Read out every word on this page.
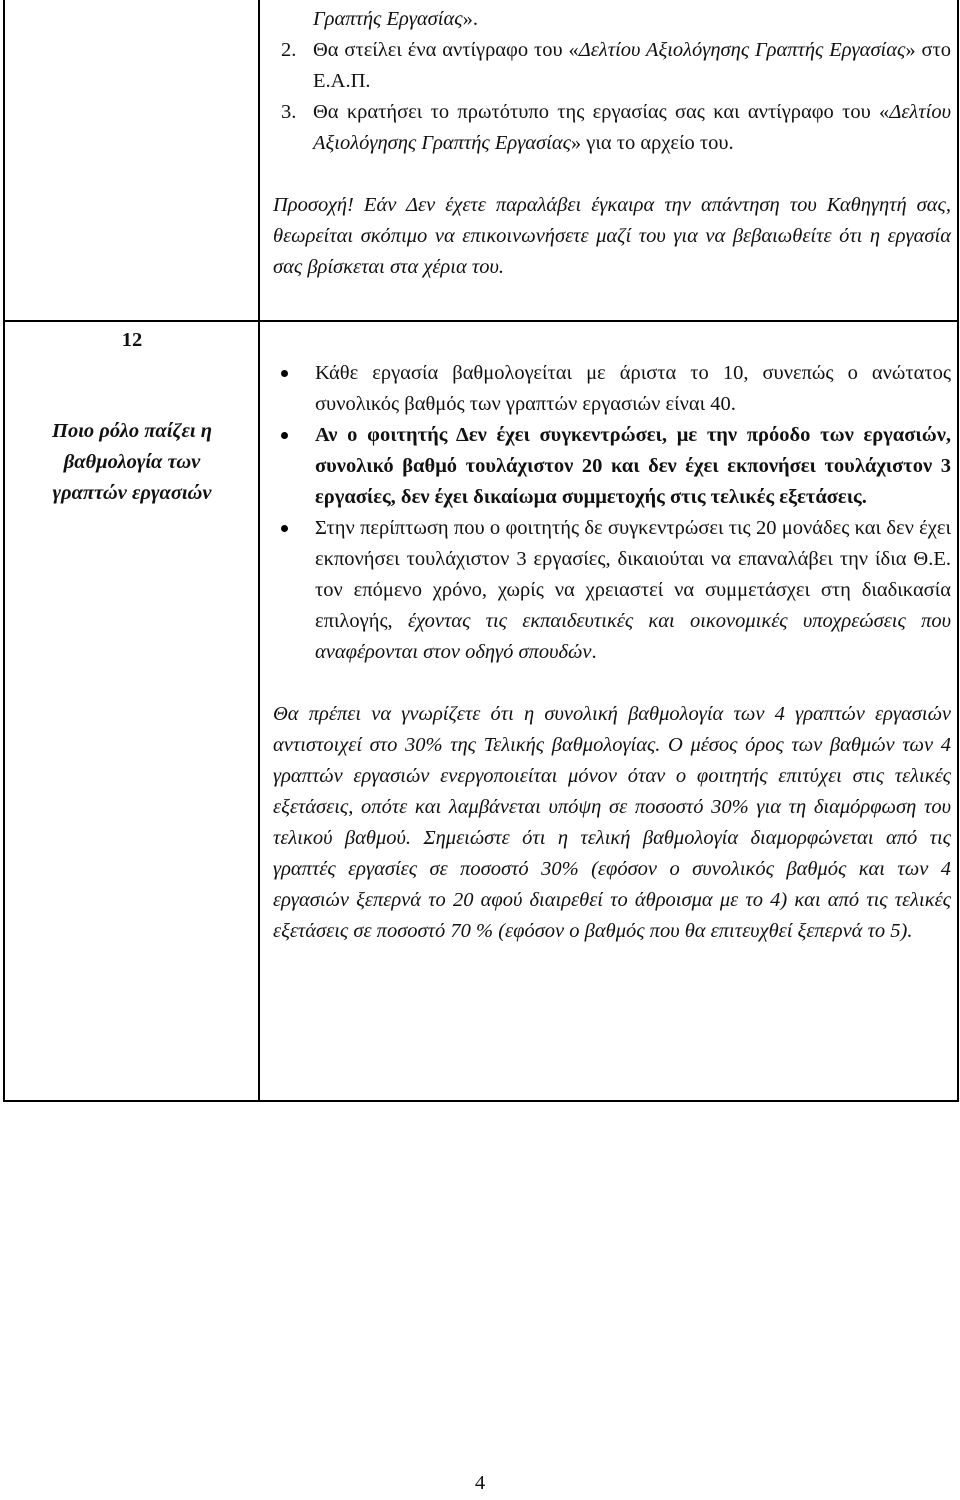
Γραπτής Εργασίας».
2. Θα στείλει ένα αντίγραφο του «Δελτίου Αξιολόγησης Γραπτής Εργασίας» στο Ε.Α.Π.
3. Θα κρατήσει το πρωτότυπο της εργασίας σας και αντίγραφο του «Δελτίου Αξιολόγησης Γραπτής Εργασίας» για το αρχείο του.
Προσοχή! Εάν Δεν έχετε παραλάβει έγκαιρα την απάντηση του Καθηγητή σας, θεωρείται σκόπιμο να επικοινωνήσετε μαζί του για να βεβαιωθείτε ότι η εργασία σας βρίσκεται στα χέρια του.
12
Ποιο ρόλο παίζει η βαθμολογία των γραπτών εργασιών
Κάθε εργασία βαθμολογείται με άριστα το 10, συνεπώς ο ανώτατος συνολικός βαθμός των γραπτών εργασιών είναι 40.
Αν ο φοιτητής Δεν έχει συγκεντρώσει, με την πρόοδο των εργασιών, συνολικό βαθμό τουλάχιστον 20 και δεν έχει εκπονήσει τουλάχιστον 3 εργασίες, δεν έχει δικαίωμα συμμετοχής στις τελικές εξετάσεις.
Στην περίπτωση που ο φοιτητής δε συγκεντρώσει τις 20 μονάδες και δεν έχει εκπονήσει τουλάχιστον 3 εργασίες, δικαιούται να επαναλάβει την ίδια Θ.Ε. τον επόμενο χρόνο, χωρίς να χρειαστεί να συμμετάσχει στη διαδικασία επιλογής, έχοντας τις εκπαιδευτικές και οικονομικές υποχρεώσεις που αναφέρονται στον οδηγό σπουδών.
Θα πρέπει να γνωρίζετε ότι η συνολική βαθμολογία των 4 γραπτών εργασιών αντιστοιχεί στο 30% της Τελικής βαθμολογίας. Ο μέσος όρος των βαθμών των 4 γραπτών εργασιών ενεργοποιείται μόνον όταν ο φοιτητής επιτύχει στις τελικές εξετάσεις, οπότε και λαμβάνεται υπόψη σε ποσοστό 30% για τη διαμόρφωση του τελικού βαθμού. Σημειώστε ότι η τελική βαθμολογία διαμορφώνεται από τις γραπτές εργασίες σε ποσοστό 30% (εφόσον ο συνολικός βαθμός και των 4 εργασιών ξεπερνά το 20 αφού διαιρεθεί το άθροισμα με το 4) και από τις τελικές εξετάσεις σε ποσοστό 70 % (εφόσον ο βαθμός που θα επιτευχθεί ξεπερνά το 5).
4
